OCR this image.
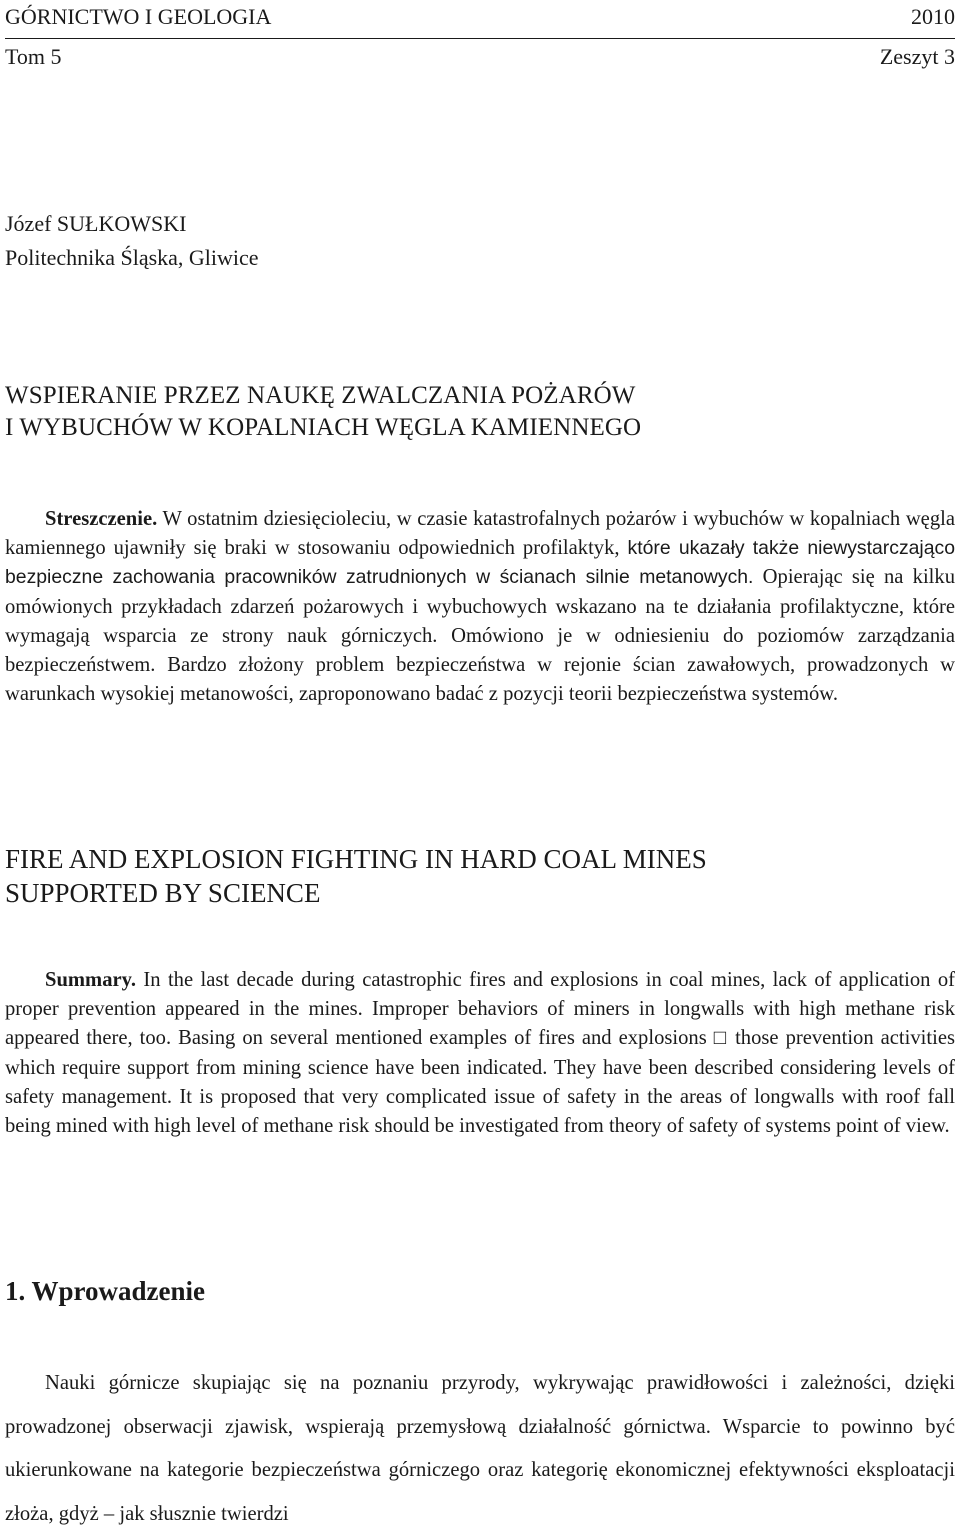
GÓRNICTWO I GEOLOGIA	2010
Tom 5	Zeszyt 3
Józef SUŁKOWSKI
Politechnika Śląska, Gliwice
WSPIERANIE PRZEZ NAUKĘ ZWALCZANIA POŻARÓW
I WYBUCHÓW W KOPALNIACH WĘGLA KAMIENNEGO

Streszczenie. W ostatnim dziesięcioleciu, w czasie katastrofalnych pożarów i wybuchów w kopalniach węgla kamiennego ujawniły się braki w stosowaniu odpowiednich profilaktyk, które ukazały także niewystarczająco bezpieczne zachowania pracowników zatrudnionych w ścianach silnie metanowych. Opierając się na kilku omówionych przykładach zdarzeń pożarowych i wybuchowych wskazano na te działania profilaktyczne, które wymagają wsparcia ze strony nauk górniczych. Omówiono je w odniesieniu do poziomów zarządzania bezpieczeństwem. Bardzo złożony problem bezpieczeństwa w rejonie ścian zawałowych, prowadzonych w warunkach wysokiej metanowości, zaproponowano badać z pozycji teorii bezpieczeństwa systemów.

FIRE AND EXPLOSION FIGHTING IN HARD COAL MINES
SUPPORTED BY SCIENCE

Summary. In the last decade during catastrophic fires and explosions in coal mines, lack of application of proper prevention appeared in the mines. Improper behaviors of miners in longwalls with high methane risk appeared there, too. Basing on several mentioned examples of fires and explosions □ those prevention activities which require support from mining science have been indicated. They have been described considering levels of safety management. It is proposed that very complicated issue of safety in the areas of longwalls with roof fall being mined with high level of methane risk should be investigated from theory of safety of systems point of view.

1. Wprowadzenie

Nauki górnicze skupiając się na poznaniu przyrody, wykrywając prawidłowości i zależności, dzięki prowadzonej obserwacji zjawisk, wspierają przemysłową działalność górnictwa. Wsparcie to powinno być ukierunkowane na kategorie bezpieczeństwa górniczego oraz kategorię ekonomicznej efektywności eksploatacji złoża, gdyż – jak słusznie twierdzi
